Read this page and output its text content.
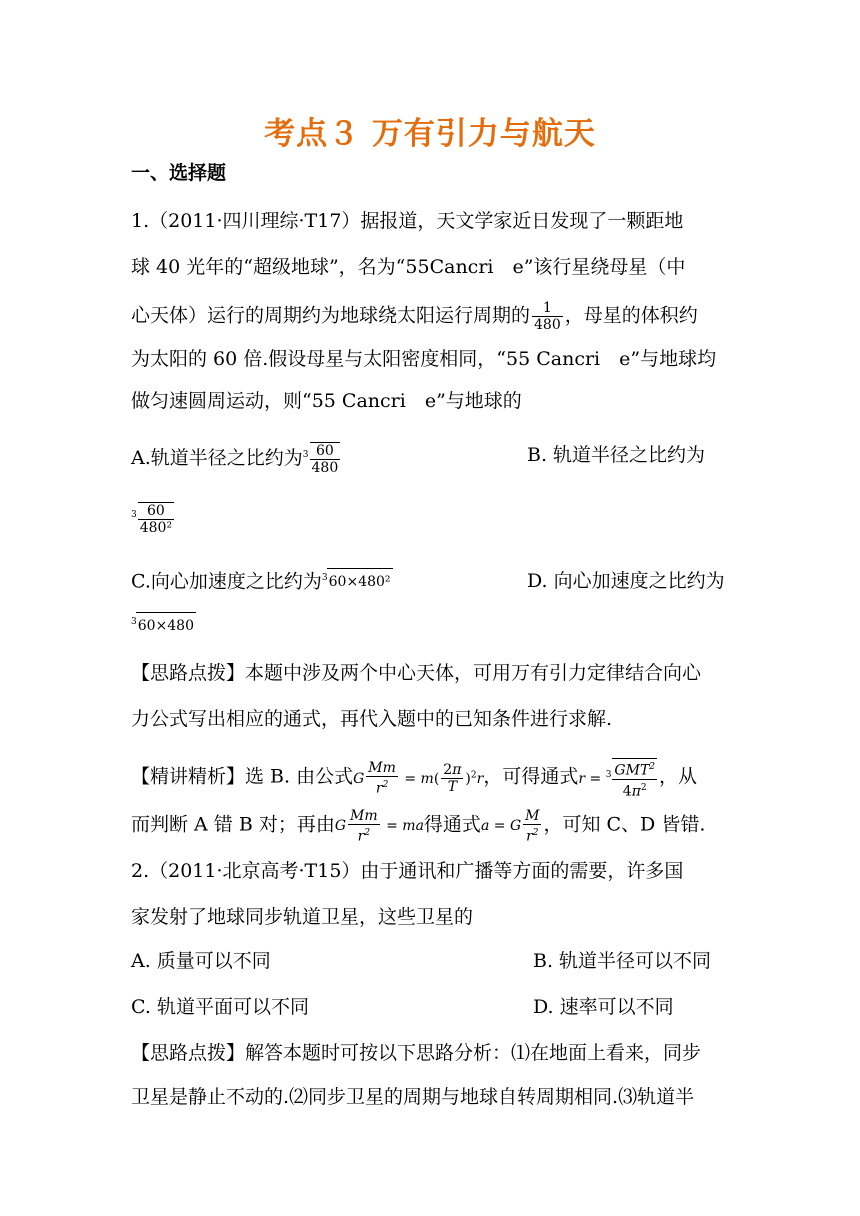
考点３ 万有引力与航天
一、选择题
1.（2011·四川理综·T17）据报道，天文学家近日发现了一颗距地
球 40 光年的“超级地球”，名为“55Cancri　e”该行星绕母星（中
心天体）运行的周期约为地球绕太阳运行周期的 $\frac{1}{480}$ ，母星的体积约
为太阳的 60 倍.假设母星与太阳密度相同，“55 Cancri　e”与地球均
做匀速圆周运动，则“55 Cancri　e”与地球的
A.轨道半径之比约为$^3 \frac{60}{480}$	B. 轨道半径之比约为
$^3 \frac{60}{\text{480²}}$
C.向心加速度之比约为$^3$60×480²	D. 向心加速度之比约为
$^3$60×480
【思路点拨】本题中涉及两个中心天体，可用万有引力定律结合向心
力公式写出相应的通式，再代入题中的已知条件进行求解.
【精讲精析】选 B. 由公式G $\frac{Mm}{r^2} = m( \frac{2\pi}{T} )^2r$，可得通式$r = ^3 \frac{GMT^2}{4\pi^2}$ ，从
而判断 A 错 B 对；再由G $\frac{Mm}{r^2}$ = ma得通式a = G $\frac{M}{r^2}$ ，可知 C、D 皆错.
2.（2011·北京高考·T15）由于通讯和广播等方面的需要，许多国
家发射了地球同步轨道卫星，这些卫星的
A. 质量可以不同	B. 轨道半径可以不同
C. 轨道平面可以不同	D. 速率可以不同
【思路点拨】解答本题时可按以下思路分析：⑴在地面上看来，同步
卫星是静止不动的.⑵同步卫星的周期与地球自转周期相同.⑶轨道半
